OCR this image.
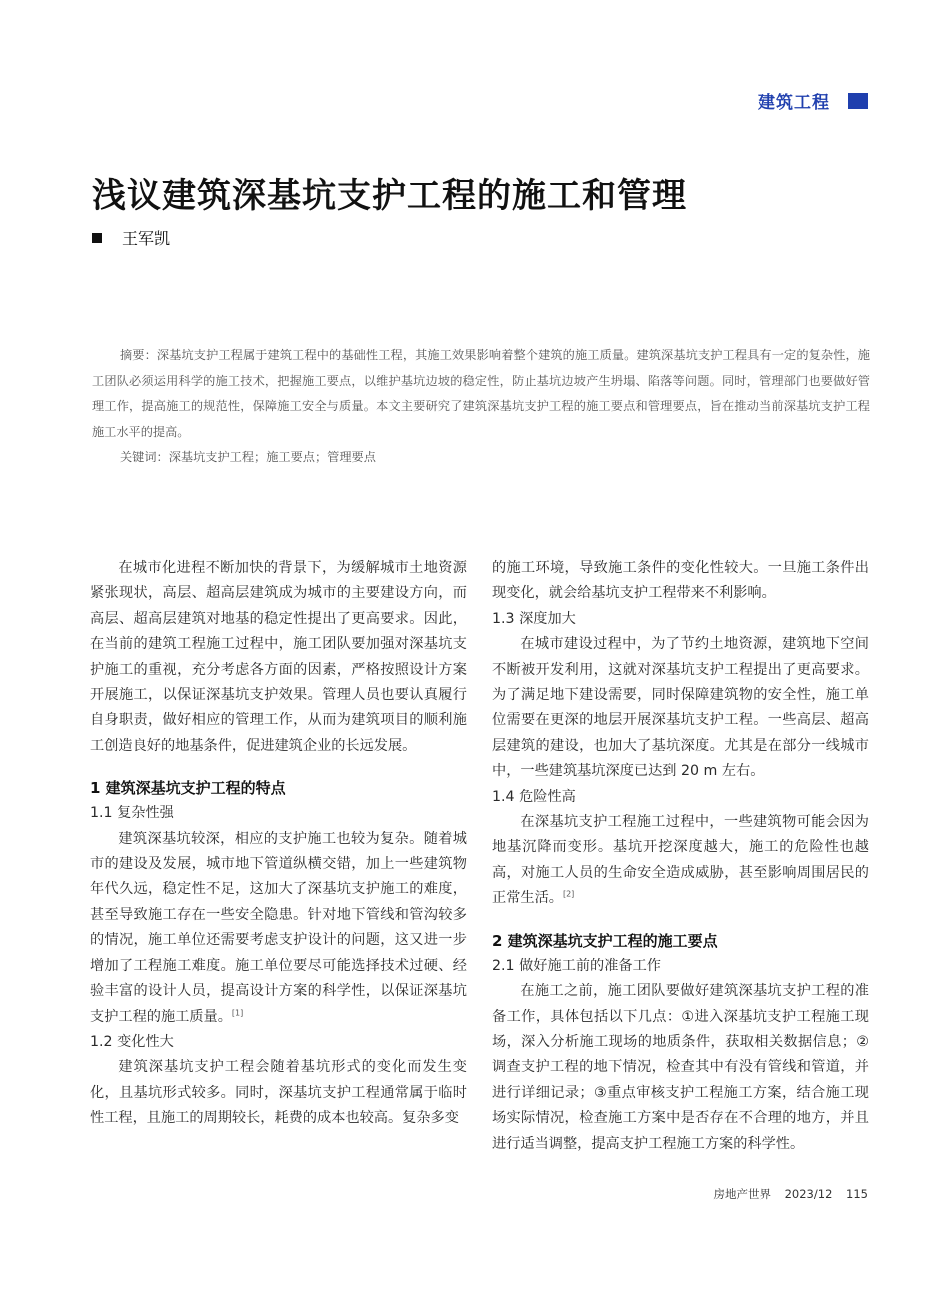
建筑工程
浅议建筑深基坑支护工程的施工和管理
王军凯

摘要：深基坑支护工程属于建筑工程中的基础性工程，其施工效果影响着整个建筑的施工质量。建筑深基坑支护工程具有一定的复杂性，施工团队必须运用科学的施工技术，把握施工要点，以维护基坑边坡的稳定性，防止基坑边坡产生坍塌、陷落等问题。同时，管理部门也要做好管理工作，提高施工的规范性，保障施工安全与质量。本文主要研究了建筑深基坑支护工程的施工要点和管理要点，旨在推动当前深基坑支护工程施工水平的提高。

关键词：深基坑支护工程；施工要点；管理要点

在城市化进程不断加快的背景下，为缓解城市土地资源紧张现状，高层、超高层建筑成为城市的主要建设方向，而高层、超高层建筑对地基的稳定性提出了更高要求。因此，在当前的建筑工程施工过程中，施工团队要加强对深基坑支护施工的重视，充分考虑各方面的因素，严格按照设计方案开展施工，以保证深基坑支护效果。管理人员也要认真履行自身职责，做好相应的管理工作，从而为建筑项目的顺利施工创造良好的地基条件，促进建筑企业的长远发展。

1 建筑深基坑支护工程的特点

1.1 复杂性强

建筑深基坑较深，相应的支护施工也较为复杂。随着城市的建设及发展，城市地下管道纵横交错，加上一些建筑物年代久远，稳定性不足，这加大了深基坑支护施工的难度，甚至导致施工存在一些安全隐患。针对地下管线和管沟较多的情况，施工单位还需要考虑支护设计的问题，这又进一步增加了工程施工难度。施工单位要尽可能选择技术过硬、经验丰富的设计人员，提高设计方案的科学性，以保证深基坑支护工程的施工质量。[1]

1.2 变化性大

建筑深基坑支护工程会随着基坑形式的变化而发生变化，且基坑形式较多。同时，深基坑支护工程通常属于临时性工程，且施工的周期较长，耗费的成本也较高。复杂多变

的施工环境，导致施工条件的变化性较大。一旦施工条件出现变化，就会给基坑支护工程带来不利影响。

1.3 深度加大

在城市建设过程中，为了节约土地资源，建筑地下空间不断被开发利用，这就对深基坑支护工程提出了更高要求。为了满足地下建设需要，同时保障建筑物的安全性，施工单位需要在更深的地层开展深基坑支护工程。一些高层、超高层建筑的建设，也加大了基坑深度。尤其是在部分一线城市中，一些建筑基坑深度已达到 20 m 左右。

1.4 危险性高

在深基坑支护工程施工过程中，一些建筑物可能会因为地基沉降而变形。基坑开挖深度越大，施工的危险性也越高，对施工人员的生命安全造成威胁，甚至影响周围居民的正常生活。[2]

2 建筑深基坑支护工程的施工要点

2.1 做好施工前的准备工作

在施工之前，施工团队要做好建筑深基坑支护工程的准备工作，具体包括以下几点：①进入深基坑支护工程施工现场，深入分析施工现场的地质条件，获取相关数据信息；②调查支护工程的地下情况，检查其中有没有管线和管道，并进行详细记录；③重点审核支护工程施工方案，结合施工现场实际情况，检查施工方案中是否存在不合理的地方，并且进行适当调整，提高支护工程施工方案的科学性。

房地产世界 2023/12 115
